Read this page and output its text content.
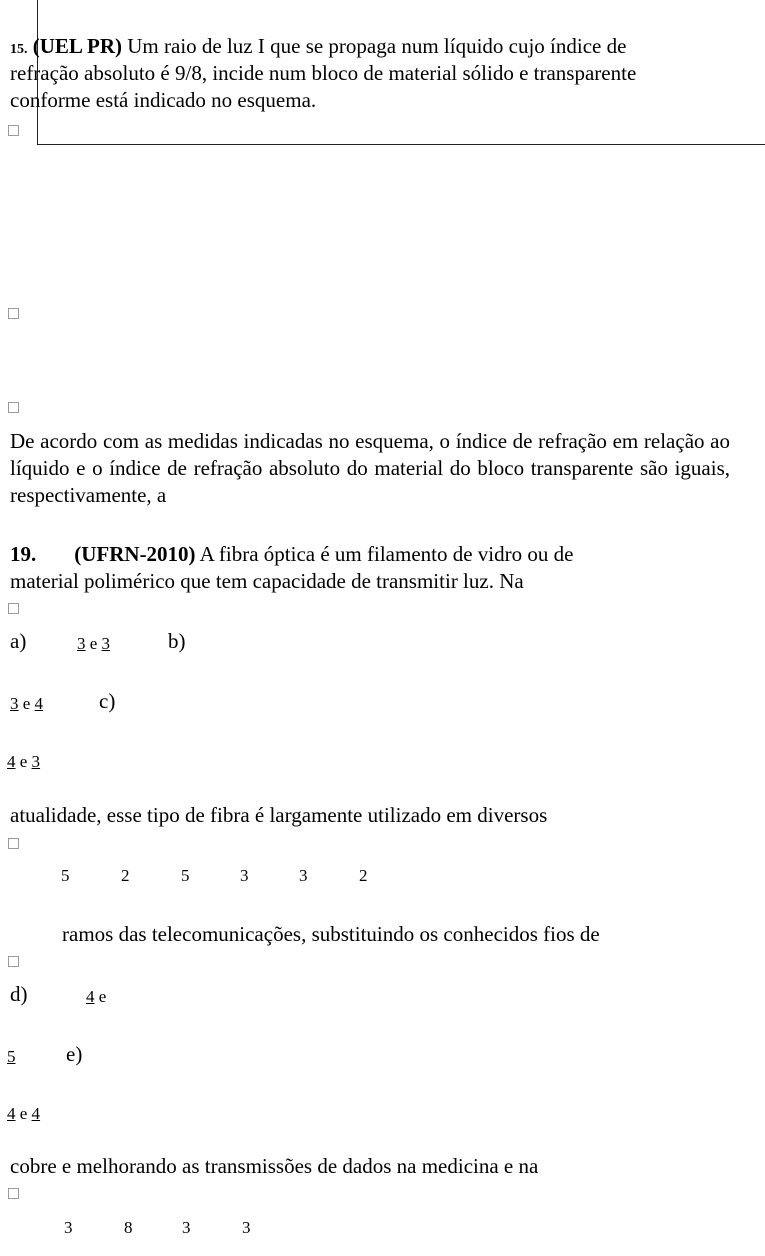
15. (UEL PR) Um raio de luz I que se propaga num líquido cujo índice de
refração absoluto é 9/8, incide num bloco de material sólido e transparente
conforme está indicado no esquema.
De acordo com as medidas indicadas no esquema, o índice de refração em relação ao líquido e o índice de refração absoluto do material do bloco transparente são iguais, respectivamente, a
19. (UFRN-2010) A fibra óptica é um filamento de vidro ou de
material polimérico que tem capacidade de transmitir luz. Na
a)	3 e 3	b)
3 e 4	c)
4 e 3
atualidade, esse tipo de fibra é largamente utilizado em diversos
5	2	5	3	3	2
ramos das telecomunicações, substituindo os conhecidos fios de
d)	4 e
5 e)
4 e 4
cobre e melhorando as transmissões de dados na medicina e na
3	8	3	3
